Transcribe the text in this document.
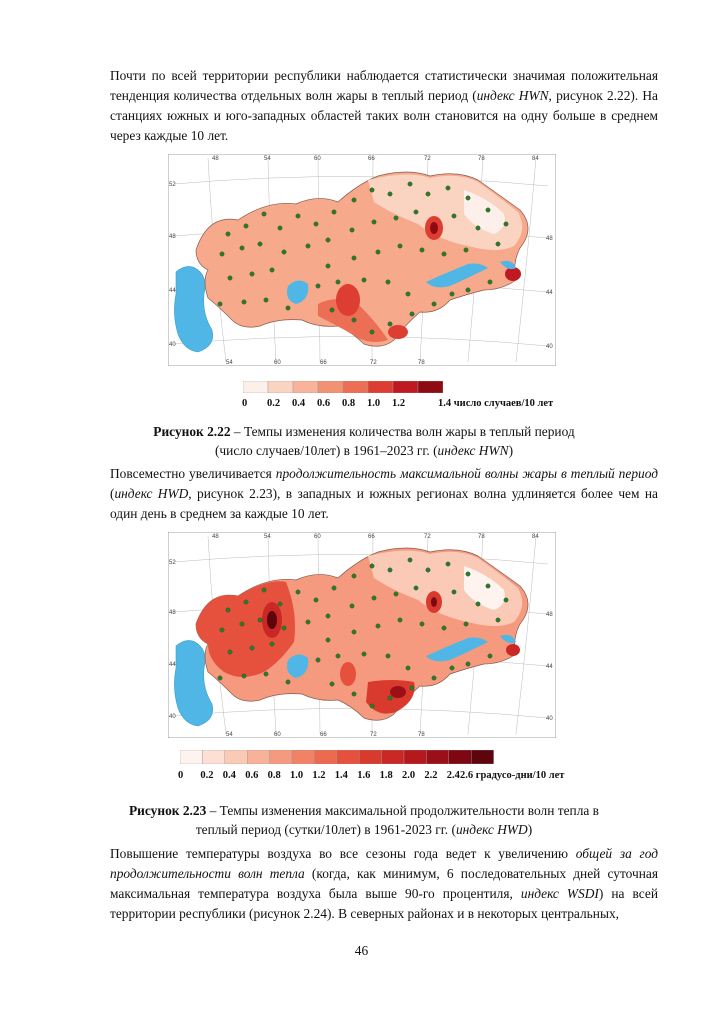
Почти по всей территории республики наблюдается статистически значимая положительная тенденция количества отдельных волн жары в теплый период (индекс HWN, рисунок 2.22). На станциях южных и юго-западных областей таких волн становится на одну больше в среднем через каждые 10 лет.

48	54	60	66	72	78	84
54	60	66	72	78
52
48
44
40
48
44
40
0 0.2 0.4 0.6 0.8 1.0 1.2	1.4 число случаев/10 лет

Рисунок 2.22 – Темпы изменения количества волн жары в теплый период
(число случаев/10лет) в 1961–2023 гг. (индекс HWN)

Повсеместно увеличивается продолжительность максимальной волны жары в теплый период (индекс HWD, рисунок 2.23), в западных и южных регионах волна удлиняется более чем на один день в среднем за каждые 10 лет.

48	54	60	66	72	78	84
54	60	66	72	78
52
48
44
40
48
44
40
0 0.2 0.4 0.6 0.8 1.0 1.2 1.4 1.6 1.8 2.0 2.2 2.4 2.6 градусо-дни/10 лет

Рисунок 2.23 – Темпы изменения максимальной продолжительности волн тепла в
теплый период (сутки/10лет) в 1961-2023 гг. (индекс HWD)

Повышение температуры воздуха во все сезоны года ведет к увеличению общей за год продолжительности волн тепла (когда, как минимум, 6 последовательных дней суточная максимальная температура воздуха была выше 90-го процентиля, индекс WSDI) на всей территории республики (рисунок 2.24). В северных районах и в некоторых центральных,

46
